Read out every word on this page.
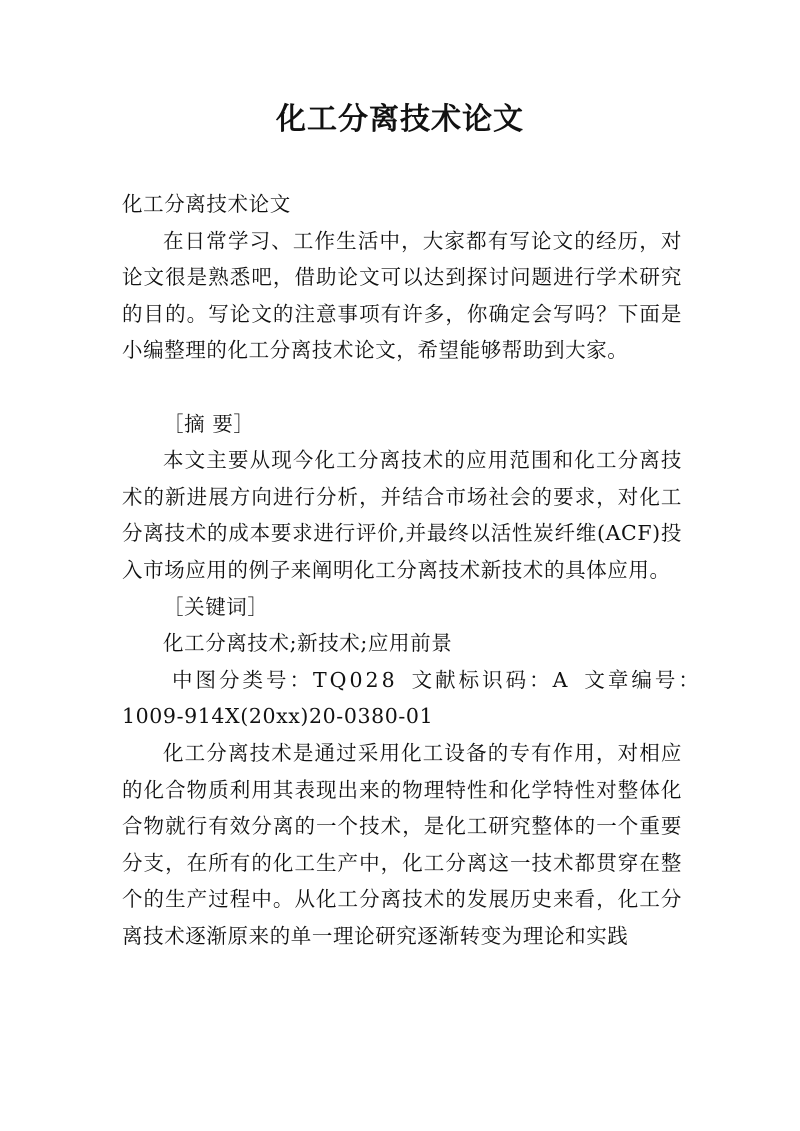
化工分离技术论文

化工分离技术论文

在日常学习、工作生活中，大家都有写论文的经历，对论文很是熟悉吧，借助论文可以达到探讨问题进行学术研究的目的。写论文的注意事项有许多，你确定会写吗？下面是小编整理的化工分离技术论文，希望能够帮助到大家。

［摘 要］

本文主要从现今化工分离技术的应用范围和化工分离技术的新进展方向进行分析，并结合市场社会的要求，对化工分离技术的成本要求进行评价,并最终以活性炭纤维(ACF)投入市场应用的例子来阐明化工分离技术新技术的具体应用。

［关键词］

化工分离技术;新技术;应用前景

中图分类号：TQ028 文献标识码：A 文章编号：

1009-914X(20xx)20-0380-01

化工分离技术是通过采用化工设备的专有作用，对相应的化合物质利用其表现出来的物理特性和化学特性对整体化合物就行有效分离的一个技术，是化工研究整体的一个重要分支，在所有的化工生产中，化工分离这一技术都贯穿在整个的生产过程中。从化工分离技术的发展历史来看，化工分离技术逐渐原来的单一理论研究逐渐转变为理论和实践
